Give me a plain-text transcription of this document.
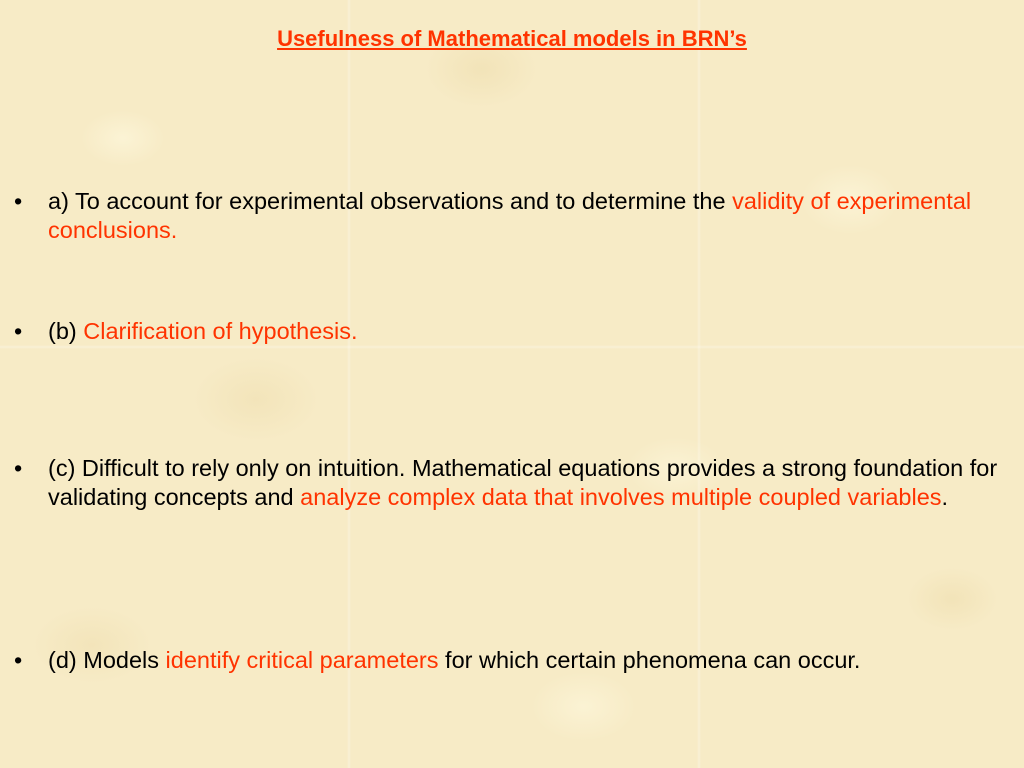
Usefulness of Mathematical models in BRN’s
• a) To account for experimental observations and to determine the validity of experimental conclusions.
• (b) Clarification of hypothesis.
• (c) Difficult to rely only on intuition. Mathematical equations provides a strong foundation for validating concepts and analyze complex data that involves multiple coupled variables.
• (d) Models identify critical parameters for which certain phenomena can occur.
